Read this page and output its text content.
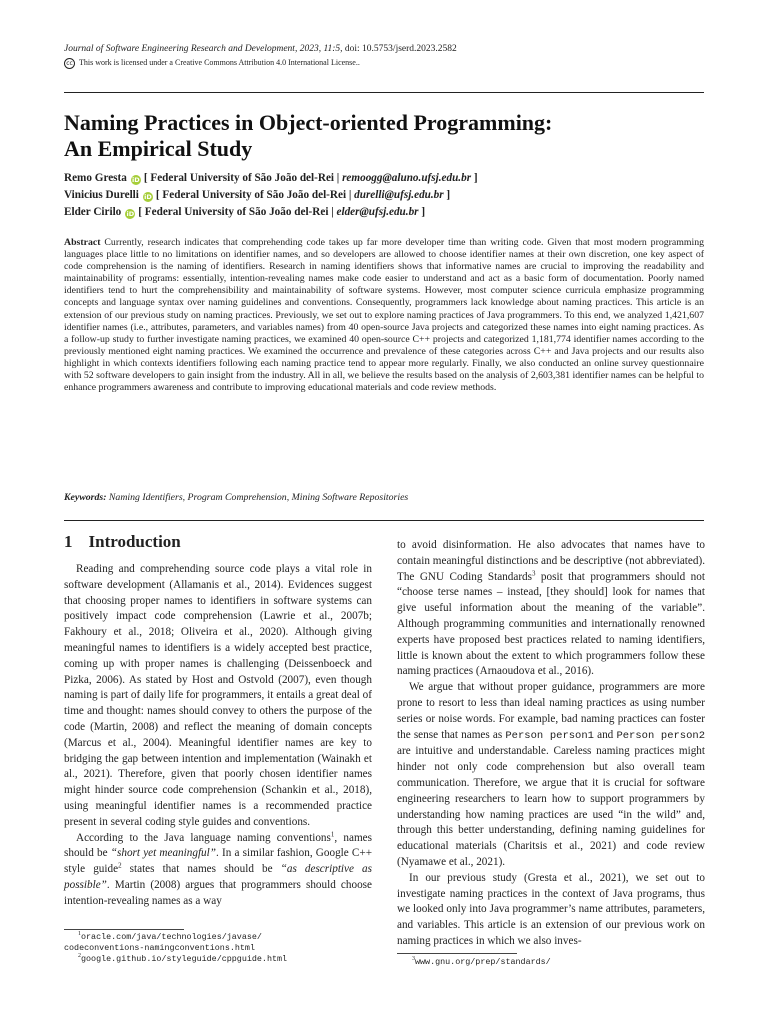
Journal of Software Engineering Research and Development, 2023, 11:5, doi: 10.5753/jserd.2023.2582
cc This work is licensed under a Creative Commons Attribution 4.0 International License..
Naming Practices in Object-oriented Programming:
An Empirical Study
Remo Gresta iD [ Federal University of São João del-Rei | remoogg@aluno.ufsj.edu.br ]
Vinicius Durelli iD [ Federal University of São João del-Rei | durelli@ufsj.edu.br ]
Elder Cirilo iD [ Federal University of São João del-Rei | elder@ufsj.edu.br ]
Abstract Currently, research indicates that comprehending code takes up far more developer time than writing code. Given that most modern programming languages place little to no limitations on identifier names, and so developers are allowed to choose identifier names at their own discretion, one key aspect of code comprehension is the naming of identifiers. Research in naming identifiers shows that informative names are crucial to improving the readability and maintainability of programs: essentially, intention-revealing names make code easier to understand and act as a basic form of documentation. Poorly named identifiers tend to hurt the comprehensibility and maintainability of software systems. However, most computer science curricula emphasize programming concepts and language syntax over naming guidelines and conventions. Consequently, programmers lack knowledge about naming practices. This article is an extension of our previous study on naming practices. Previously, we set out to explore naming practices of Java programmers. To this end, we analyzed 1,421,607 identifier names (i.e., attributes, parameters, and variables names) from 40 open-source Java projects and categorized these names into eight naming practices. As a follow-up study to further investigate naming practices, we examined 40 open-source C++ projects and categorized 1,181,774 identifier names according to the previously mentioned eight naming practices. We examined the occurrence and prevalence of these categories across C++ and Java projects and our results also highlight in which contexts identifiers following each naming practice tend to appear more regularly. Finally, we also conducted an online survey questionnaire with 52 software developers to gain insight from the industry. All in all, we believe the results based on the analysis of 2,603,381 identifier names can be helpful to enhance programmers awareness and contribute to improving educational materials and code review methods.
Keywords: Naming Identifiers, Program Comprehension, Mining Software Repositories
1 Introduction

Reading and comprehending source code plays a vital role in software development (Allamanis et al., 2014). Evidences suggest that choosing proper names to identifiers in software systems can positively impact code comprehension (Lawrie et al., 2007b; Fakhoury et al., 2018; Oliveira et al., 2020). Although giving meaningful names to identifiers is a widely accepted best practice, coming up with proper names is challenging (Deissenboeck and Pizka, 2006). As stated by Host and Ostvold (2007), even though naming is part of daily life for programmers, it entails a great deal of time and thought: names should convey to others the purpose of the code (Martin, 2008) and reflect the meaning of domain concepts (Marcus et al., 2004). Meaningful identifier names are key to bridging the gap between intention and implementation (Wainakh et al., 2021). Therefore, given that poorly chosen identifier names might hinder source code comprehension (Schankin et al., 2018), using meaningful identifier names is a recommended practice present in several coding style guides and conventions.

According to the Java language naming conventions$^1$, names should be “short yet meaningful”. In a similar fashion, Google C++ style guide$^2$ states that names should be “as descriptive as possible”. Martin (2008) argues that programmers should choose intention-revealing names as a way

to avoid disinformation. He also advocates that names have to contain meaningful distinctions and be descriptive (not abbreviated). The GNU Coding Standards$^3$ posit that programmers should not “choose terse names – instead, [they should] look for names that give useful information about the meaning of the variable”. Although programming communities and internationally renowned experts have proposed best practices related to naming identifiers, little is known about the extent to which programmers follow these naming practices (Arnaoudova et al., 2016).

We argue that without proper guidance, programmers are more prone to resort to less than ideal naming practices as using number series or noise words. For example, bad naming practices can foster the sense that names as Person person1 and Person person2 are intuitive and understandable. Careless naming practices might hinder not only code comprehension but also overall team communication. Therefore, we argue that it is crucial for software engineering researchers to learn how to support programmers by understanding how naming practices are used “in the wild” and, through this better understanding, defining naming guidelines for educational materials (Charitsis et al., 2021) and code review (Nyamawe et al., 2021).

In our previous study (Gresta et al., 2021), we set out to investigate naming practices in the context of Java programs, thus we looked only into Java programmer’s name attributes, parameters, and variables. This article is an extension of our previous work on naming practices in which we also inves-

$^1$oracle.com/java/technologies/javase/
codeconventions-namingconventions.html
$^2$google.github.io/styleguide/cppguide.html	$^3$www.gnu.org/prep/standards/
